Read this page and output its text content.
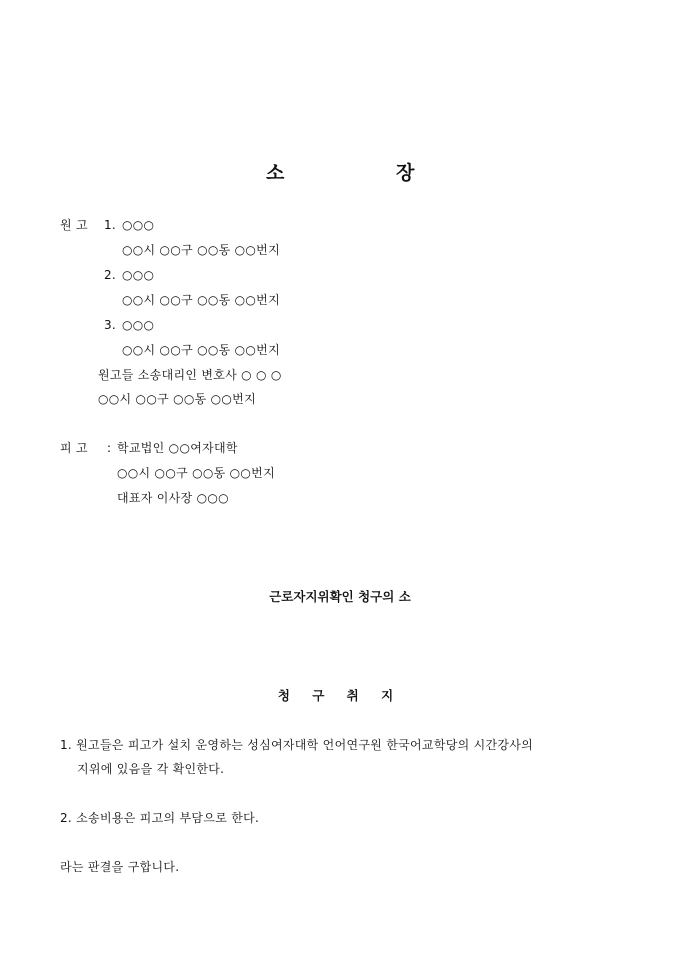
소	장
원 고 1. ○○○
○○시 ○○구 ○○동 ○○번지
2. ○○○
○○시 ○○구 ○○동 ○○번지
3. ○○○
○○시 ○○구 ○○동 ○○번지
원고들 소송대리인 변호사 ○ ○ ○
○○시 ○○구 ○○동 ○○번지
피 고 : 학교법인 ○○여자대학
○○시 ○○구 ○○동 ○○번지
대표자 이사장 ○○○
근로자지위확인 청구의 소
청 구 취 지
1. 원고들은 피고가 설치 운영하는 성심여자대학 언어연구원 한국어교학당의 시간강사의
지위에 있음을 각 확인한다.
2. 소송비용은 피고의 부담으로 한다.
라는 판결을 구합니다.
